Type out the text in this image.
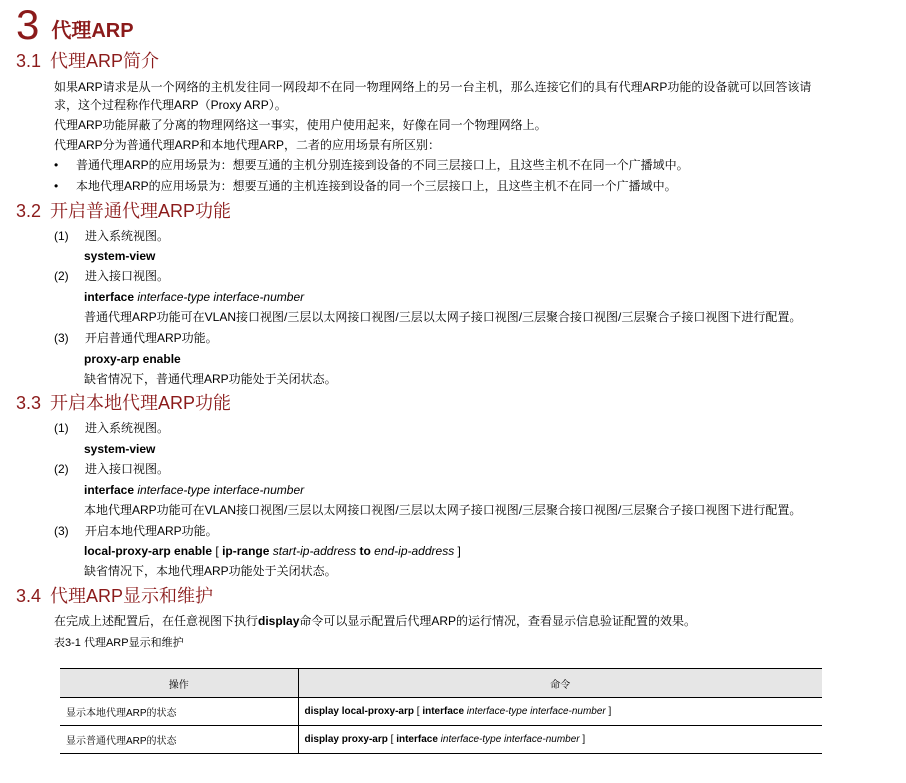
3 代理ARP
3.1 代理ARP简介
如果ARP请求是从一个网络的主机发往同一网段却不在同一物理网络上的另一台主机，那么连接它们的具有代理ARP功能的设备就可以回答该请
求，这个过程称作代理ARP（Proxy ARP）。
代理ARP功能屏蔽了分离的物理网络这一事实，使用户使用起来，好像在同一个物理网络上。
代理ARP分为普通代理ARP和本地代理ARP，二者的应用场景有所区别：
• 普通代理ARP的应用场景为：想要互通的主机分别连接到设备的不同三层接口上，且这些主机不在同一个广播域中。
• 本地代理ARP的应用场景为：想要互通的主机连接到设备的同一个三层接口上，且这些主机不在同一个广播域中。
3.2 开启普通代理ARP功能
(1) 进入系统视图。
system-view
(2) 进入接口视图。
interface interface-type interface-number
普通代理ARP功能可在VLAN接口视图/三层以太网接口视图/三层以太网子接口视图/三层聚合接口视图/三层聚合子接口视图下进行配置。
(3) 开启普通代理ARP功能。
proxy-arp enable
缺省情况下，普通代理ARP功能处于关闭状态。
3.3 开启本地代理ARP功能
(1) 进入系统视图。
system-view
(2) 进入接口视图。
interface interface-type interface-number
本地代理ARP功能可在VLAN接口视图/三层以太网接口视图/三层以太网子接口视图/三层聚合接口视图/三层聚合子接口视图下进行配置。
(3) 开启本地代理ARP功能。
local-proxy-arp enable [ ip-range start-ip-address to end-ip-address ]
缺省情况下，本地代理ARP功能处于关闭状态。
3.4 代理ARP显示和维护
在完成上述配置后，在任意视图下执行display命令可以显示配置后代理ARP的运行情况，查看显示信息验证配置的效果。
表3-1 代理ARP显示和维护
操作	命令
显示本地代理ARP的状态	display local-proxy-arp [ interface interface-type interface-number ]
显示普通代理ARP的状态	display proxy-arp [ interface interface-type interface-number ]
